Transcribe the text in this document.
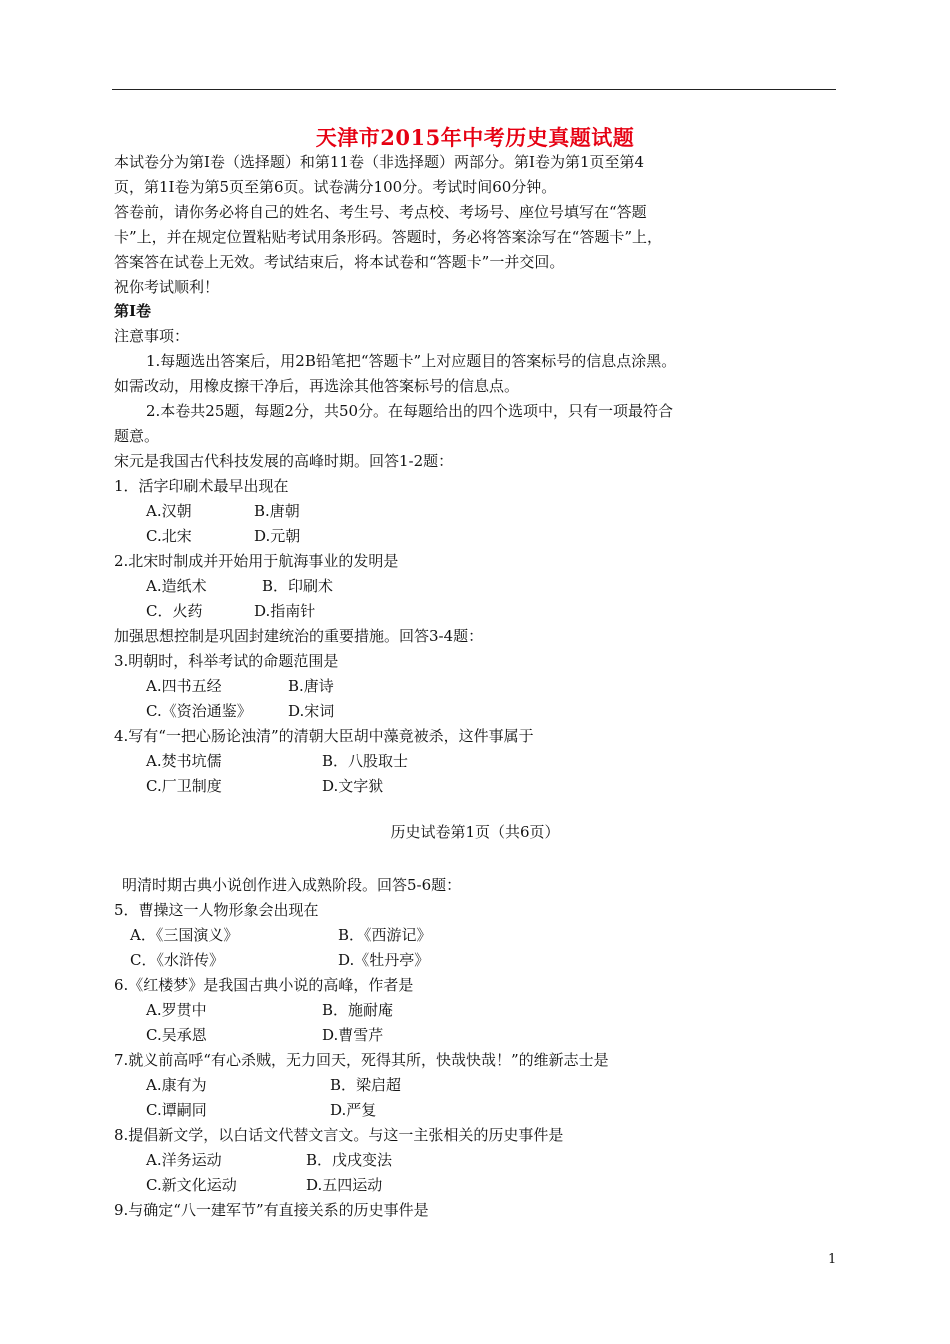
天津市2015年中考历史真题试题
本试卷分为第Ⅰ卷（选择题）和第11卷（非选择题）两部分。第Ⅰ卷为第1页至第4
页，第1Ⅰ卷为第5页至第6页。试卷满分100分。考试时间60分钟。
答卷前，请你务必将自己的姓名、考生号、考点校、考场号、座位号填写在“答题
卡”上，并在规定位置粘贴考试用条形码。答题时，务必将答案涂写在“答题卡”上，
答案答在试卷上无效。考试结束后，将本试卷和“答题卡”一并交回。
祝你考试顺利！
第Ⅰ卷
注意事项：
1.每题选出答案后，用2B铅笔把“答题卡”上对应题目的答案标号的信息点涂黑。
如需改动，用橡皮擦干净后，再选涂其他答案标号的信息点。
2.本卷共25题，每题2分，共50分。在每题给出的四个选项中，只有一项最符合
题意。
宋元是我国古代科技发展的高峰时期。回答1-2题：
1．活字印刷术最早出现在
A.汉朝	B.唐朝
C.北宋	D.元朝
2.北宋时制成并开始用于航海事业的发明是
A.造纸术	B．印刷术
C．火药	D.指南针
加强思想控制是巩固封建统治的重要措施。回答3-4题：
3.明朝时，科举考试的命题范围是
A.四书五经	B.唐诗
C.《资治通鉴》 D.宋词
4.写有“一把心肠论浊清”的清朝大臣胡中藻竟被杀，这件事属于
A.焚书坑儒	B．八股取士
C.厂卫制度	D.文字狱
历史试卷第1页（共6页）
明清时期古典小说创作进入成熟阶段。回答5-6题：
5．曹操这一人物形象会出现在
A．《三国演义》	B．《西游记》
C．《水浒传》	D.《牡丹亭》
6.《红楼梦》是我国古典小说的高峰，作者是
A.罗贯中	B．施耐庵
C.吴承恩	D.曹雪芹
7.就义前高呼“有心杀贼，无力回天，死得其所，快哉快哉！”的维新志士是
A.康有为	B．梁启超
C.谭嗣同	D.严复
8.提倡新文学，以白话文代替文言文。与这一主张相关的历史事件是
A.洋务运动	B．戊戌变法
C.新文化运动	D.五四运动
9.与确定“八一建军节”有直接关系的历史事件是
1
